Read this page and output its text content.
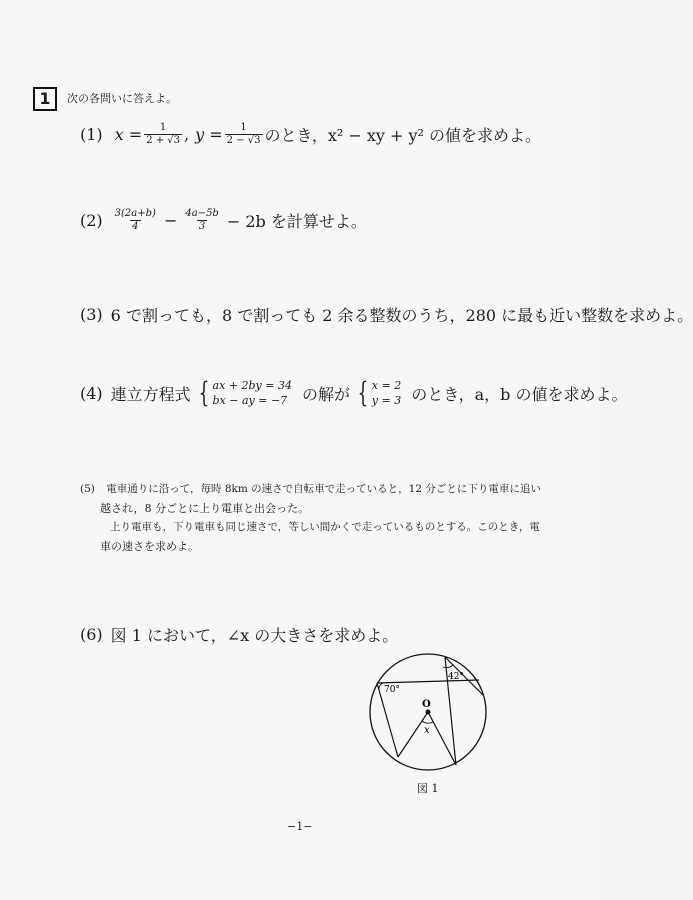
1	次の各問いに答えよ。
(1) $x = \frac{1}{2 + √3}$ , $y = \frac{1}{2 - √3}$ のとき，x² − xy + y² の値を求めよ。
$(2) \frac{3(2a+b)}{4} - \frac{4a-5b}{3} - 2b$ を計算せよ。
(3) 6 で割っても，8 で割っても 2 余る整数のうち，280 に最も近い整数を求めよ。
(4) 連立方程式 { ax + 2by = 34
bx − ay = −7 の解が { x = 2
y = 3 のとき，a，b の値を求めよ。
(5) 電車通りに沿って，毎時 8km の速さで自転車で走っていると，12 分ごとに下り電車に追い
越され，8 分ごとに上り電車と出会った。
上り電車も，下り電車も同じ速さで，等しい間かくで走っているものとする。このとき，電
車の速さを求めよ。
(6) 図 1 において，∠x の大きさを求めよ。
70°
42°
O
x
図 1
−1−
